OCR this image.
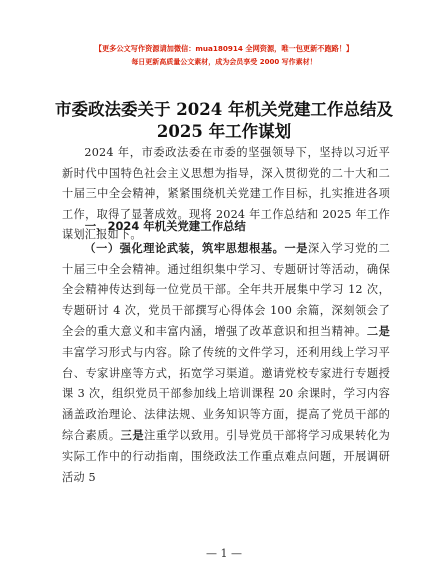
【更多公文写作资源请加微信：mua180914 全网资源，唯一包更新不跑路！】
每日更新高质量公文素材，成为会员享受 2000 写作素材！
市委政法委关于 2024 年机关党建工作总结及
2025 年工作谋划

2024 年，市委政法委在市委的坚强领导下，坚持以习近平新时代中国特色社会主义思想为指导，深入贯彻党的二十大和二十届三中全会精神，紧紧围绕机关党建工作目标，扎实推进各项工作，取得了显著成效。现将 2024 年工作总结和 2025 年工作谋划汇报如下。

一、2024 年机关党建工作总结

（一）强化理论武装，筑牢思想根基。一是深入学习党的二十届三中全会精神。通过组织集中学习、专题研讨等活动，确保全会精神传达到每一位党员干部。全年共开展集中学习 12 次，专题研讨 4 次，党员干部撰写心得体会 100 余篇，深刻领会了全会的重大意义和丰富内涵，增强了改革意识和担当精神。二是丰富学习形式与内容。除了传统的文件学习，还利用线上学习平台、专家讲座等方式，拓宽学习渠道。邀请党校专家进行专题授课 3 次，组织党员干部参加线上培训课程 20 余课时，学习内容涵盖政治理论、法律法规、业务知识等方面，提高了党员干部的综合素质。三是注重学以致用。引导党员干部将学习成果转化为实际工作中的行动指南，围绕政法工作重点难点问题，开展调研活动 5

— 1 —
